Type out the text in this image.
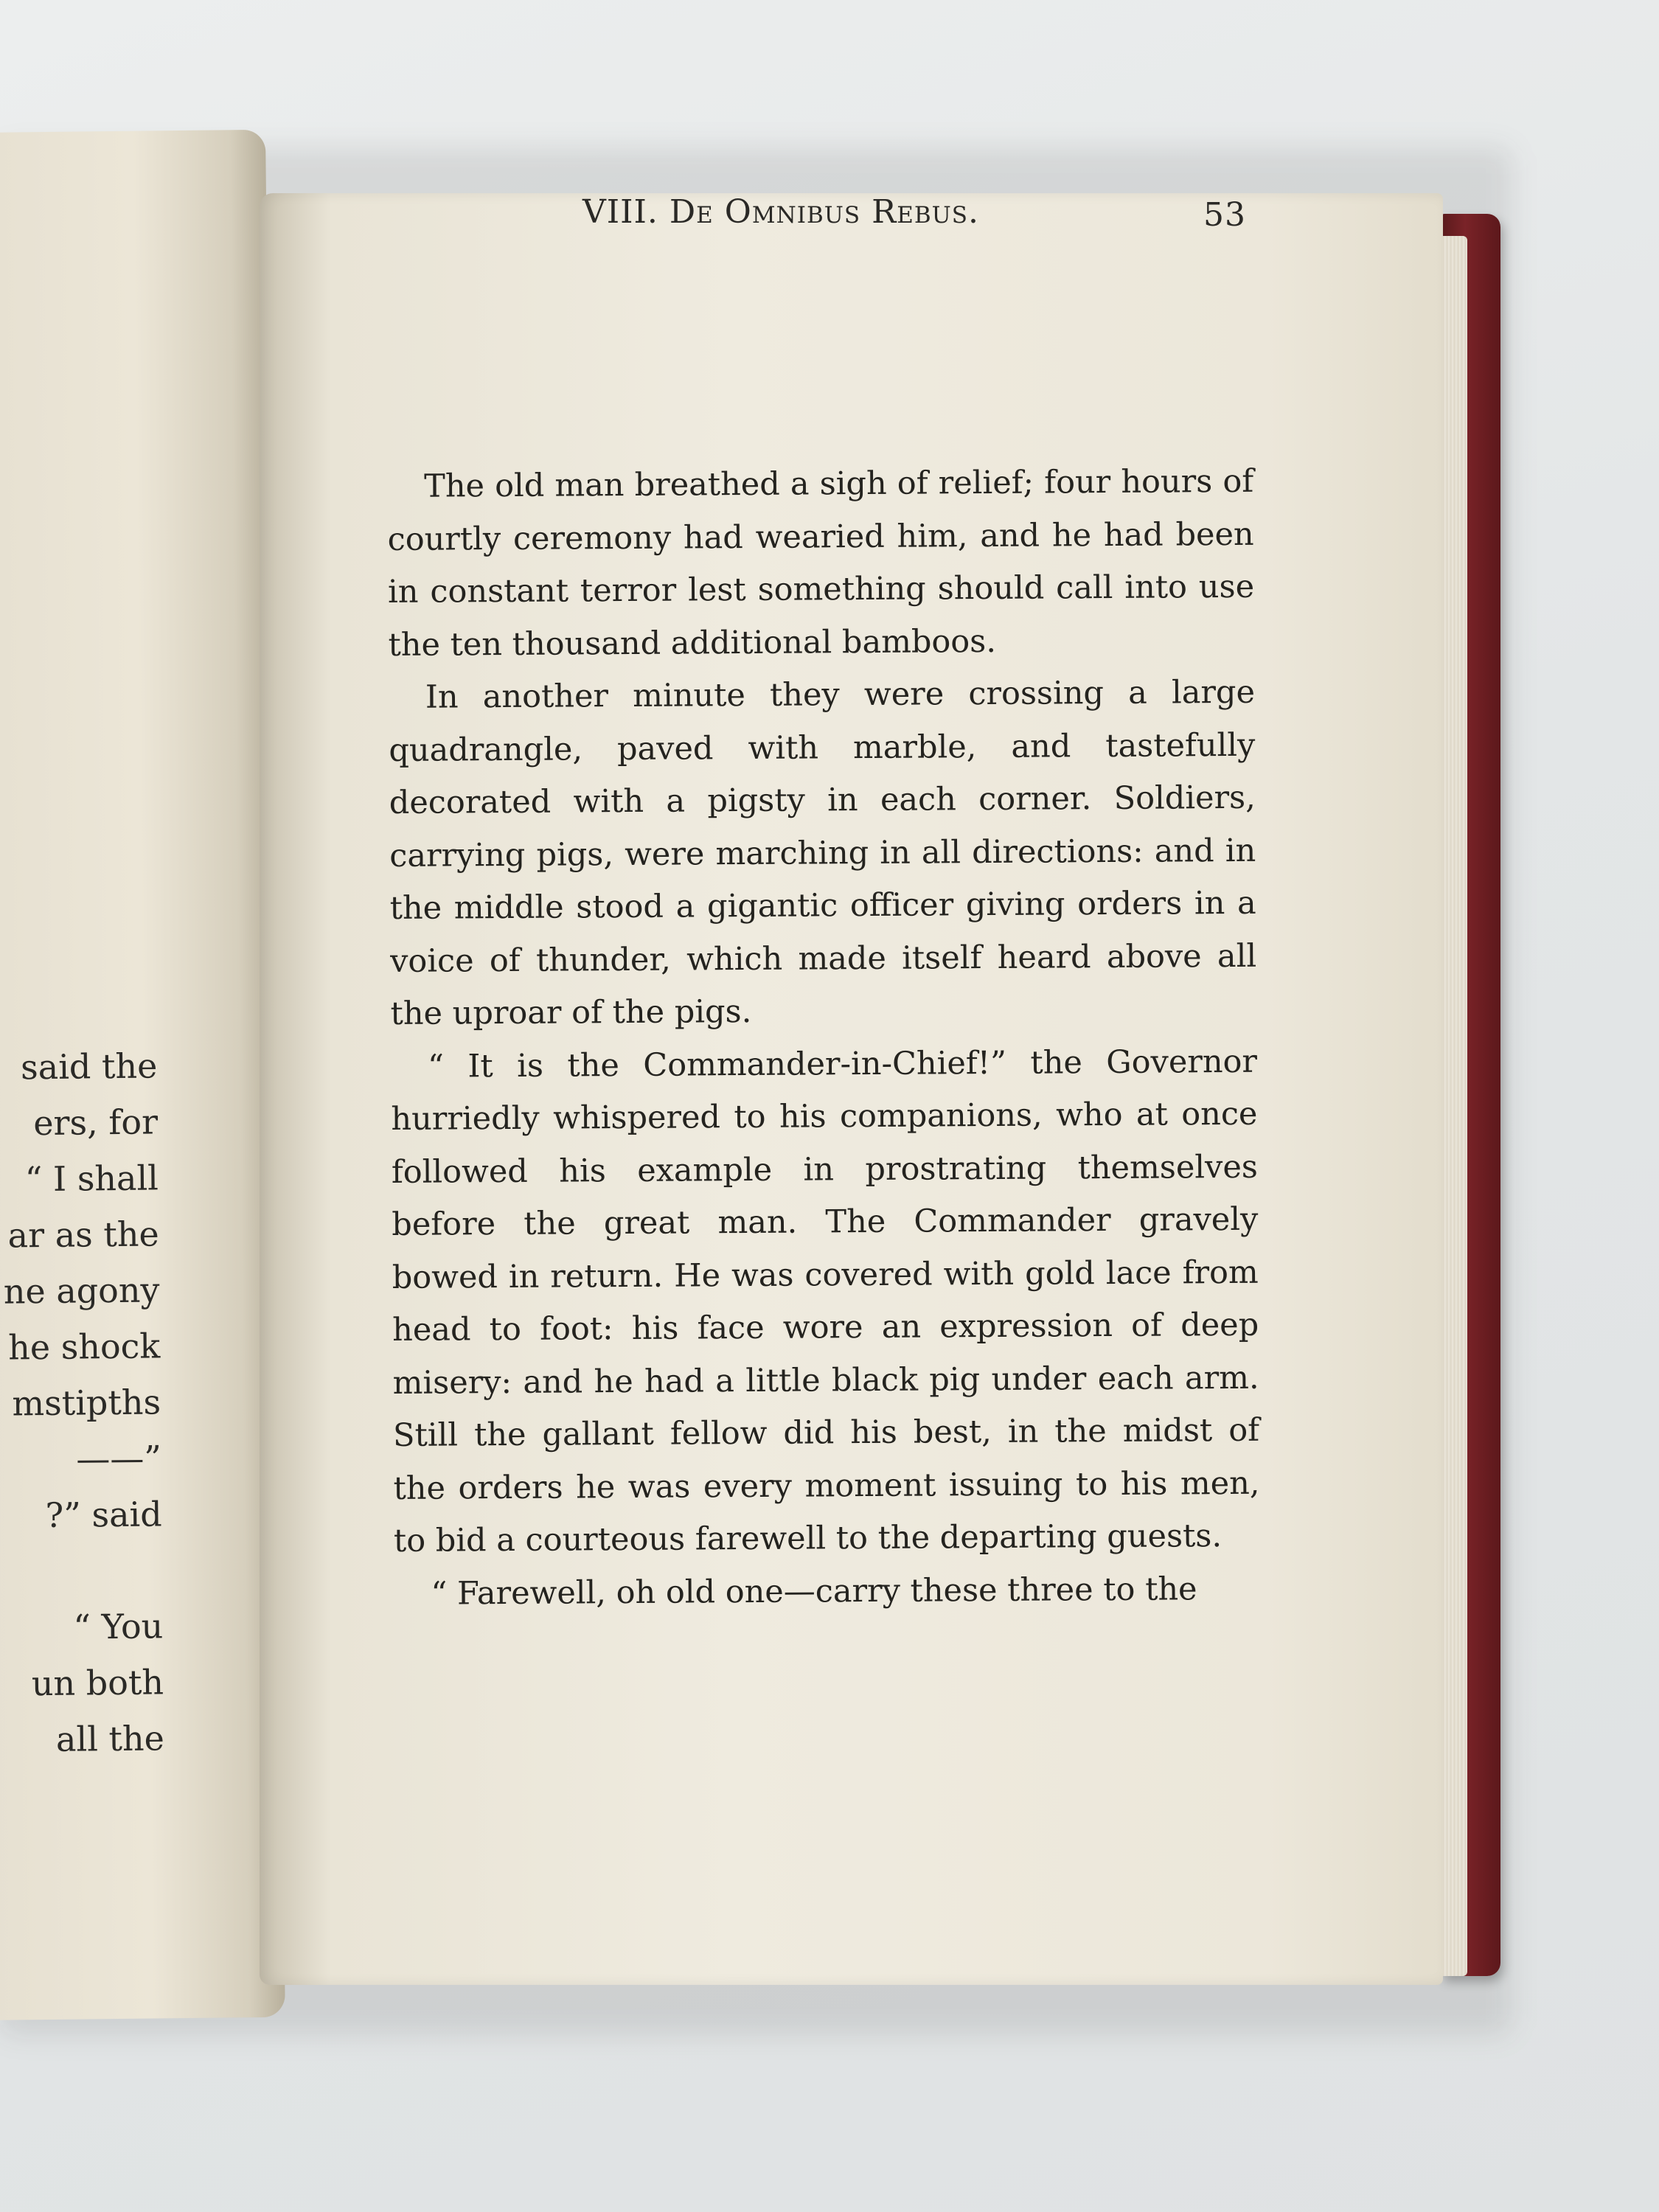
said the
ers, for
“ I shall
ar as the
ne agony
he shock
mstipths
——”
?” said
“ You
un both
all the
VIII. De Omnibus Rebus.	53

The old man breathed a sigh of relief; four hours of courtly ceremony had wearied him, and he had been in constant terror lest something should call into use the ten thousand additional bamboos.

In another minute they were crossing a large quadrangle, paved with marble, and tastefully decorated with a pigsty in each corner. Soldiers, carrying pigs, were marching in all directions: and in the middle stood a gigantic officer giving orders in a voice of thunder, which made itself heard above all the uproar of the pigs.

“ It is the Commander-in-Chief!” the Governor hurriedly whispered to his companions, who at once followed his example in prostrating themselves before the great man. The Commander gravely bowed in return. He was covered with gold lace from head to foot: his face wore an expression of deep misery: and he had a little black pig under each arm. Still the gallant fellow did his best, in the midst of the orders he was every moment issuing to his men, to bid a courteous farewell to the departing guests.

“ Farewell, oh old one—carry these three to the
